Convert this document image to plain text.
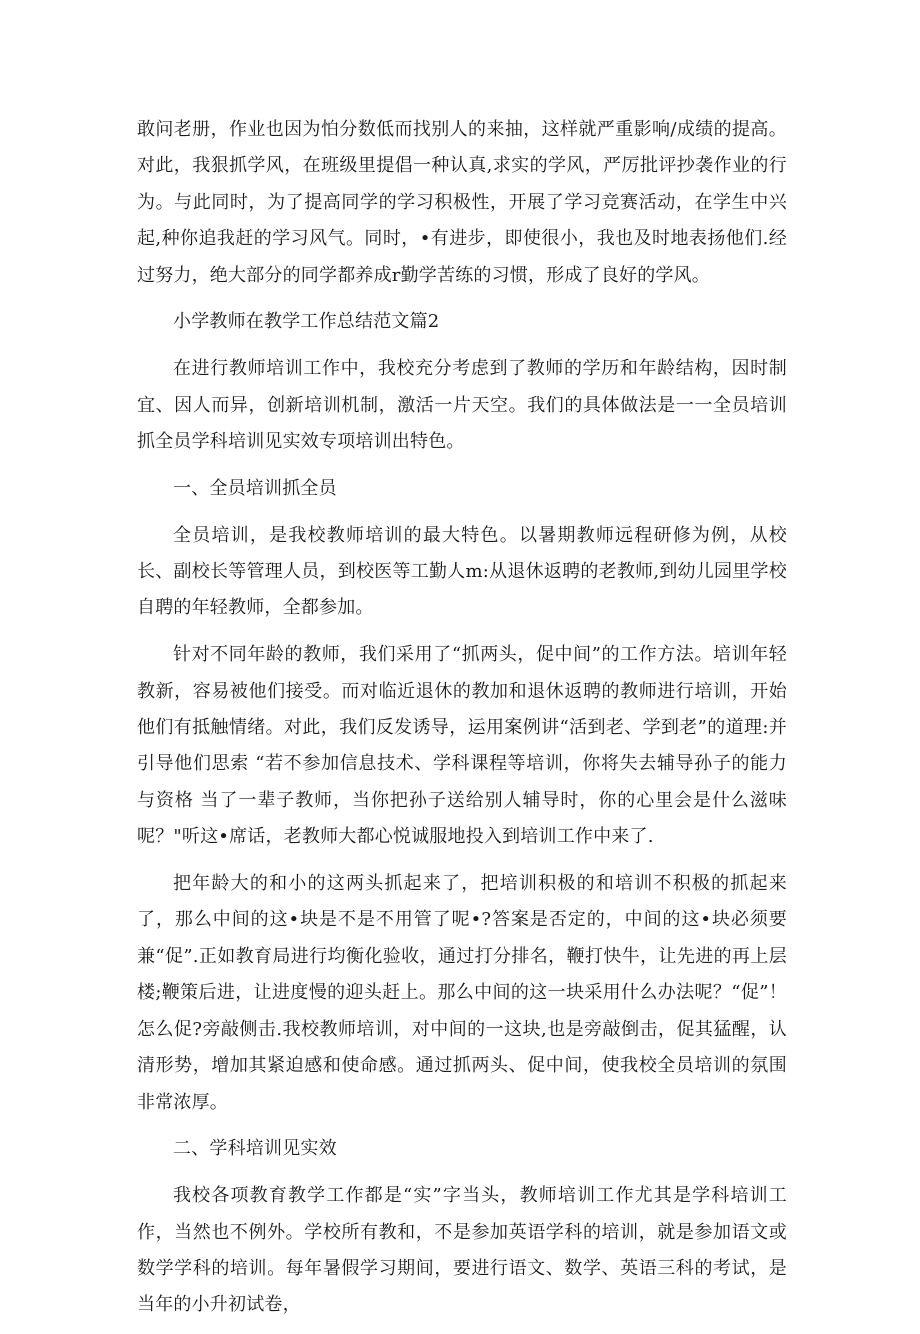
敢问老册，作业也因为怕分数低而找别人的来抽，这样就严重影响/成绩的提高。对此，我狠抓学风，在班级里提倡一种认真,求实的学风，严厉批评抄袭作业的行为。与此同时，为了提高同学的学习积极性，开展了学习竞赛活动，在学生中兴起,种你追我赶的学习风气。同时，•有进步，即使很小，我也及时地表扬他们.经过努力，绝大部分的同学都养成r勤学苦练的习惯，形成了良好的学风。

小学教师在教学工作总结范文篇2

在进行教师培训工作中，我校充分考虑到了教师的学历和年龄结构，因时制宜、因人而异，创新培训机制，激活一片天空。我们的具体做法是一一全员培训抓全员学科培训见实效专项培训出特色。

一、全员培训抓全员

全员培训，是我校教师培训的最大特色。以暑期教师远程研修为例，从校长、副校长等管理人员，到校医等工勤人m:从退休返聘的老教师,到幼儿园里学校自聘的年轻教师，全都参加。

针对不同年龄的教师，我们采用了“抓两头，促中间”的工作方法。培训年轻教新，容易被他们接受。而对临近退休的教加和退休返聘的教师进行培训，开始他们有抵触情绪。对此，我们反发诱导，运用案例讲“活到老、学到老”的道理:并引导他们思索 “若不参加信息技术、学科课程等培训，你将失去辅导孙子的能力与资格 当了一辈子教师，当你把孙子送给别人辅导时，你的心里会是什么滋味呢？"听这•席话，老教师大都心悦诚服地投入到培训工作中来了.

把年龄大的和小的这两头抓起来了，把培训积极的和培训不积极的抓起来了，那么中间的这•块是不是不用管了呢•?答案是否定的，中间的这•块必须要兼“促”.正如教育局进行均衡化验收，通过打分排名，鞭打快牛，让先进的再上层楼;鞭策后进，让进度慢的迎头赶上。那么中间的这一块采用什么办法呢？“促”！怎么促?旁敲侧击.我校教师培训，对中间的一这块,也是旁敲倒击，促其猛醒，认清形势，增加其紧迫感和使命感。通过抓两头、促中间，使我校全员培训的氛围非常浓厚。

二、学科培训见实效

我校各项教育教学工作都是“实”字当头，教师培训工作尤其是学科培训工作，当然也不例外。学校所有教和，不是参加英语学科的培训，就是参加语文或数学学科的培训。每年暑假学习期间，要进行语文、数学、英语三科的考试，是当年的小升初试卷，
